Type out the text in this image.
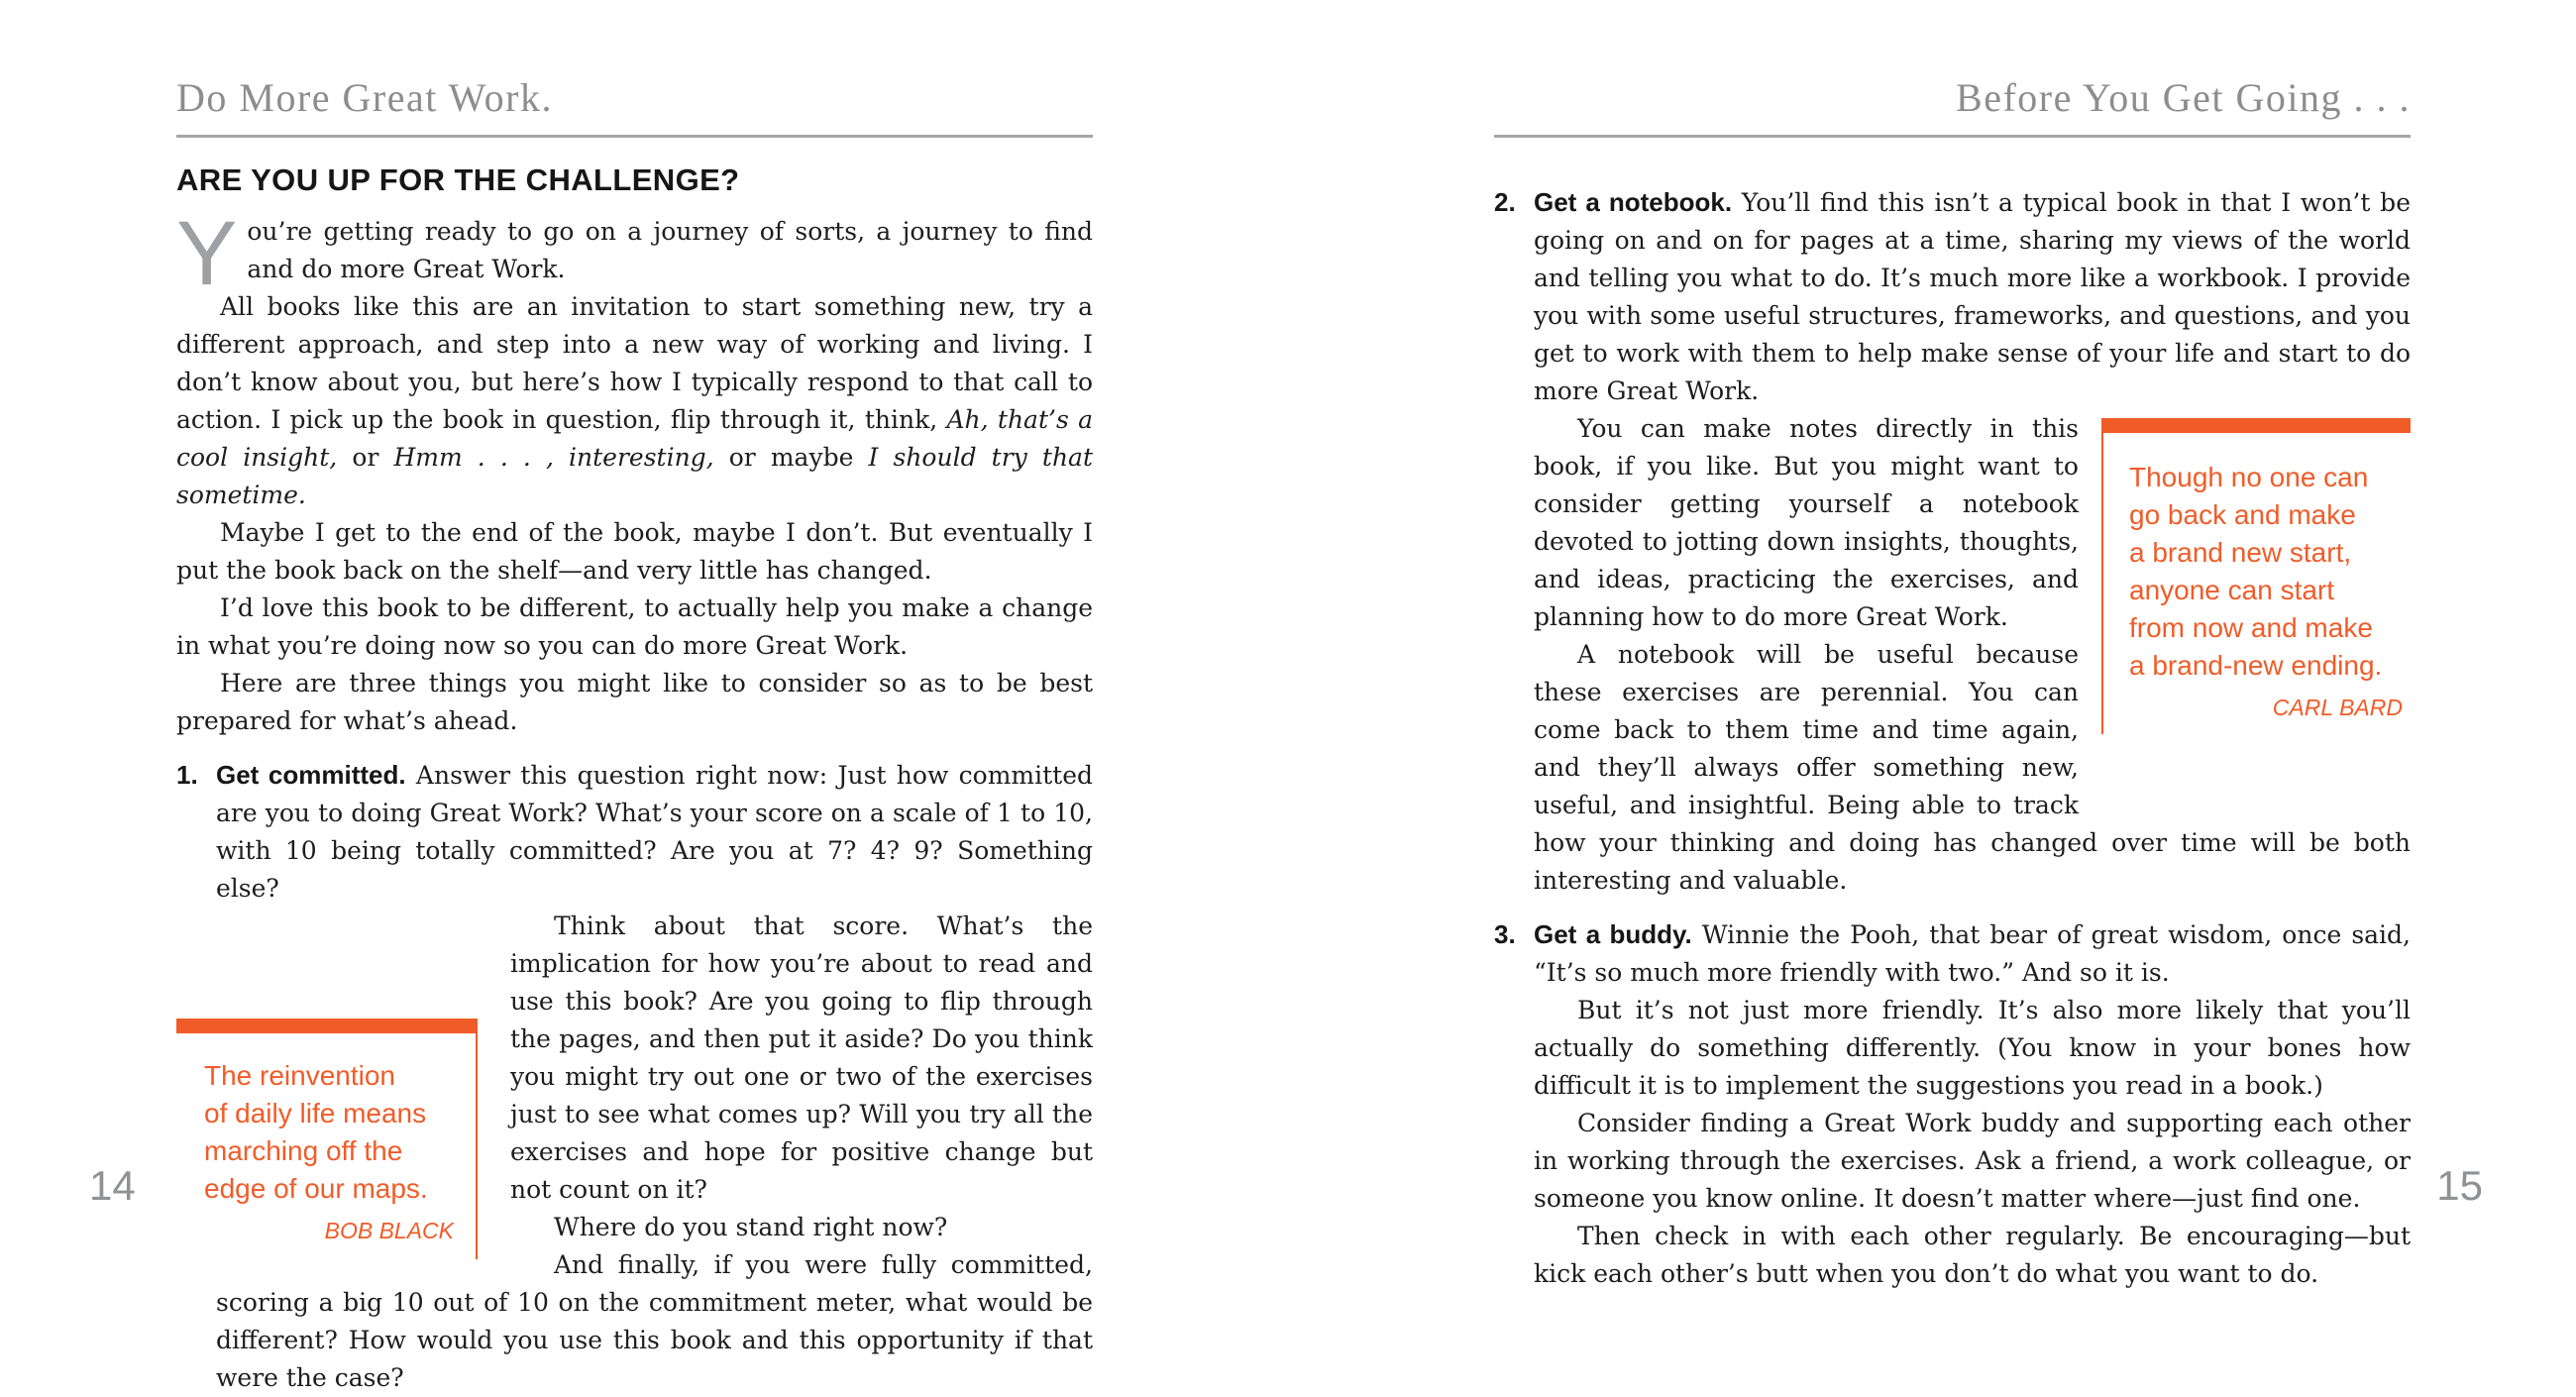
Do More Great Work.
ARE YOU UP FOR THE CHALLENGE?

You’re getting ready to go on a journey of sorts, a journey to find and do more Great Work.

All books like this are an invitation to start something new, try a different approach, and step into a new way of working and living. I don’t know about you, but here’s how I typically respond to that call to action. I pick up the book in question, flip through it, think, Ah, that’s a cool insight, or Hmm . . . , interesting, or maybe I should try that sometime.

Maybe I get to the end of the book, maybe I don’t. But eventually I put the book back on the shelf—and very little has changed.

I’d love this book to be different, to actually help you make a change in what you’re doing now so you can do more Great Work.

Here are three things you might like to consider so as to be best prepared for what’s ahead.

1. Get committed. Answer this question right now: Just how committed are you to doing Great Work? What’s your score on a scale of 1 to 10, with 10 being totally committed? Are you at 7? 4? 9? Something else?

The reinvention
of daily life means
marching off the
edge of our maps.
BOB BLACK

Think about that score. What’s the implication for how you’re about to read and use this book? Are you going to flip through the pages, and then put it aside? Do you think you might try out one or two of the exercises just to see what comes up? Will you try all the exercises and hope for positive change but not count on it?

Where do you stand right now?

And finally, if you were fully committed, scoring a big 10 out of 10 on the commitment meter, what would be different? How would you use this book and this opportunity if that were the case?

Before You Get Going . . .
2. Get a notebook. You’ll find this isn’t a typical book in that I won’t be going on and on for pages at a time, sharing my views of the world and telling you what to do. It’s much more like a workbook. I provide you with some useful structures, frameworks, and questions, and you get to work with them to help make sense of your life and start to do more Great Work.

Though no one can
go back and make
a brand new start,
anyone can start
from now and make
a brand-new ending.
CARL BARD

You can make notes directly in this book, if you like. But you might want to consider getting yourself a notebook devoted to jotting down insights, thoughts, and ideas, practicing the exercises, and planning how to do more Great Work.

A notebook will be useful because these exercises are perennial. You can come back to them time and time again, and they’ll always offer something new, useful, and insightful. Being able to track how your thinking and doing has changed over time will be both interesting and valuable.

3. Get a buddy. Winnie the Pooh, that bear of great wisdom, once said, “It’s so much more friendly with two.” And so it is.

But it’s not just more friendly. It’s also more likely that you’ll actually do something differently. (You know in your bones how difficult it is to implement the suggestions you read in a book.)

Consider finding a Great Work buddy and supporting each other in working through the exercises. Ask a friend, a work colleague, or someone you know online. It doesn’t matter where—just find one.

Then check in with each other regularly. Be encouraging—but kick each other’s butt when you don’t do what you want to do.

14	15
